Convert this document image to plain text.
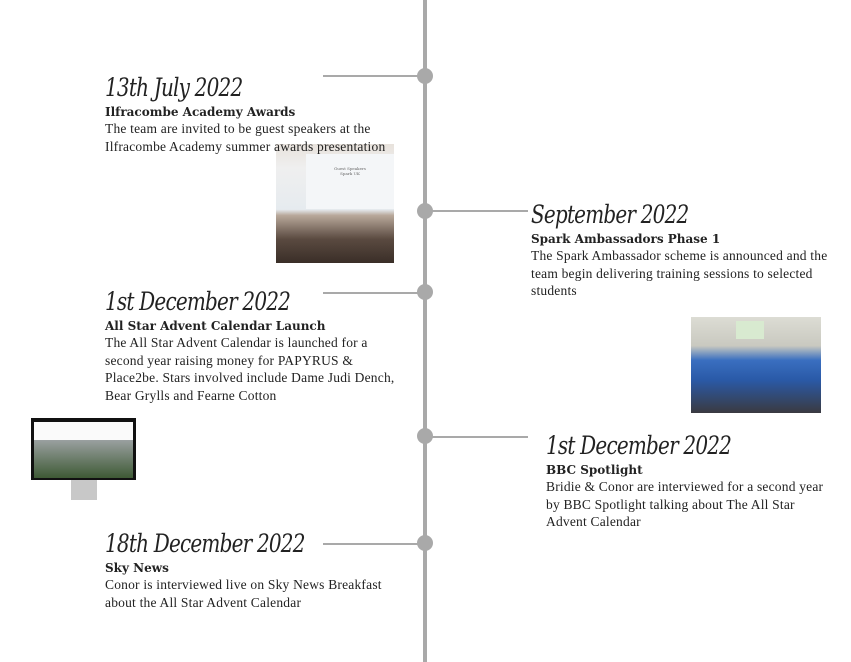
13th July 2022
Ilfracombe Academy Awards
The team are invited to be guest speakers at the Ilfracombe Academy summer awards presentation
Guest Speakers
Spark UK
September 2022
Spark Ambassadors Phase 1
The Spark Ambassador scheme is announced and the team begin delivering training sessions to selected students
1st December 2022
All Star Advent Calendar Launch
The All Star Advent Calendar is launched for a second year raising money for PAPYRUS & Place2be. Stars involved include Dame Judi Dench, Bear Grylls and Fearne Cotton
1st December 2022
BBC Spotlight
Bridie & Conor are interviewed for a second year by BBC Spotlight talking about The All Star Advent Calendar
18th December 2022
Sky News
Conor is interviewed live on Sky News Breakfast about the All Star Advent Calendar
